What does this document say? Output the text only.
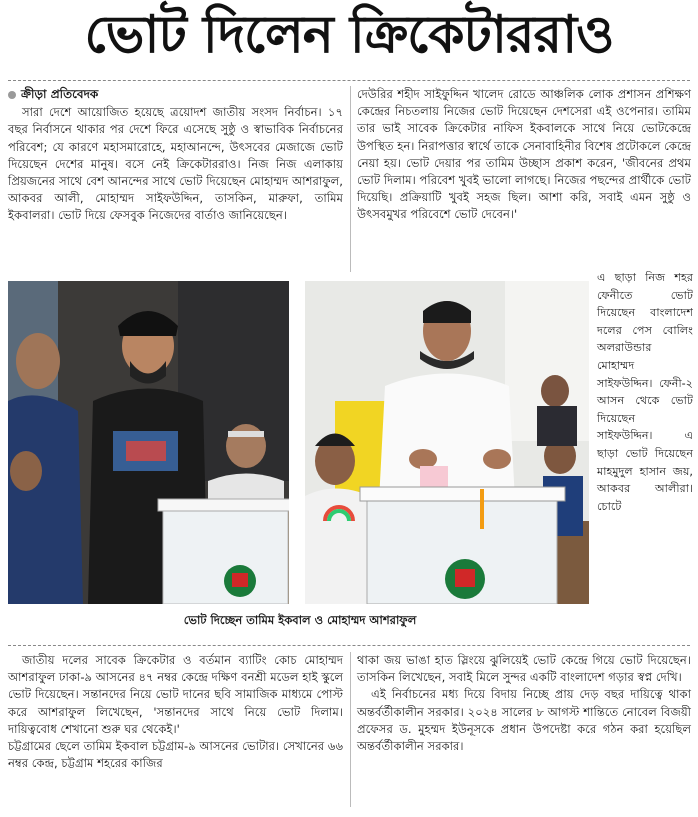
ভোট দিলেন ক্রিকেটাররাও
ক্রীড়া প্রতিবেদক

সারা দেশে আয়োজিত হয়েছে ত্রয়োদশ জাতীয় সংসদ নির্বাচন। ১৭ বছর নির্বাসনে থাকার পর দেশে ফিরে এসেছে সুষ্ঠু ও স্বাভাবিক নির্বাচনের পরিবেশ; যে কারণে মহাসমারোহে, মহাআনন্দে, উৎসবের মেজাজে ভোট দিয়েছেন দেশের মানুষ। বসে নেই ক্রিকেটাররাও। নিজ নিজ এলাকায় প্রিয়জনের সাথে বেশ আনন্দের সাথে ভোট দিয়েছেন মোহাম্মদ আশরাফুল, আকবর আলী, মোহাম্মদ সাইফউদ্দিন, তাসকিন, মারুফা, তামিম ইকবালরা। ভোট দিয়ে ফেসবুক নিজেদের বার্তাও জানিয়েছেন।

দেউরির শহীদ সাইফুদ্দিন খালেদ রোডে আঞ্চলিক লোক প্রশাসন প্রশিক্ষণ কেন্দ্রের নিচতলায় নিজের ভোট দিয়েছেন দেশসেরা এই ওপেনার। তামিম তার ভাই সাবেক ক্রিকেটার নাফিস ইকবালকে সাথে নিয়ে ভোটকেন্দ্রে উপস্থিত হন। নিরাপত্তার স্বার্থে তাকে সেনাবাহিনীর বিশেষ প্রটোকলে কেন্দ্রে নেয়া হয়। ভোট দেয়ার পর তামিম উচ্ছাস প্রকাশ করেন, 'জীবনের প্রথম ভোট দিলাম। পরিবেশ খুবই ভালো লাগছে। নিজের পছন্দের প্রার্থীকে ভোট দিয়েছি। প্রক্রিয়াটি খুবই সহজ ছিল। আশা করি, সবাই এমন সুষ্ঠু ও উৎসবমুখর পরিবেশে ভোট দেবেন।'

ভোট দিচ্ছেন তামিম ইকবাল ও মোহাম্মদ আশরাফুল
এ ছাড়া নিজ শহর ফেনীতে ভোট দিয়েছেন বাংলাদেশ দলের পেস বোলিং অলরাউন্ডার মোহাম্মদ সাইফউদ্দিন। ফেনী-২ আসন থেকে ভোট দিয়েছেন সাইফউদ্দিন। এ ছাড়া ভোট দিয়েছেন মাহমুদুল হাসান জয়, আকবর আলীরা। চোটে

জাতীয় দলের সাবেক ক্রিকেটার ও বর্তমান ব্যাটিং কোচ মোহাম্মদ আশরাফুল ঢাকা-৯ আসনের ৪৭ নম্বর কেন্দ্রে দক্ষিণ বনশ্রী মডেল হাই স্কুলে ভোট দিয়েছেন। সন্তানদের নিয়ে ভোট দানের ছবি সামাজিক মাধ্যমে পোস্ট করে আশরাফুল লিখেছেন, 'সন্তানদের সাথে নিয়ে ভোট দিলাম। দায়িত্ববোধ শেখানো শুরু ঘর থেকেই।'

চট্টগ্রামের ছেলে তামিম ইকবাল চট্টগ্রাম-৯ আসনের ভোটার। সেখানের ৬৬ নম্বর কেন্দ্র, চট্টগ্রাম শহরের কাজির

থাকা জয় ভাঙা হাত স্লিংয়ে ঝুলিয়েই ভোট কেন্দ্রে গিয়ে ভোট দিয়েছেন। তাসকিন লিখেছেন, সবাই মিলে সুন্দর একটি বাংলাদেশ গড়ার স্বপ্ন দেখি।

এই নির্বাচনের মধ্য দিয়ে বিদায় নিচ্ছে প্রায় দেড় বছর দায়িত্বে থাকা অন্তর্বর্তীকালীন সরকার। ২০২৪ সালের ৮ আগস্ট শান্তিতে নোবেল বিজয়ী প্রফেসর ড. মুহম্মদ ইউনূসকে প্রধান উপদেষ্টা করে গঠন করা হয়েছিল অন্তর্বর্তীকালীন সরকার।
